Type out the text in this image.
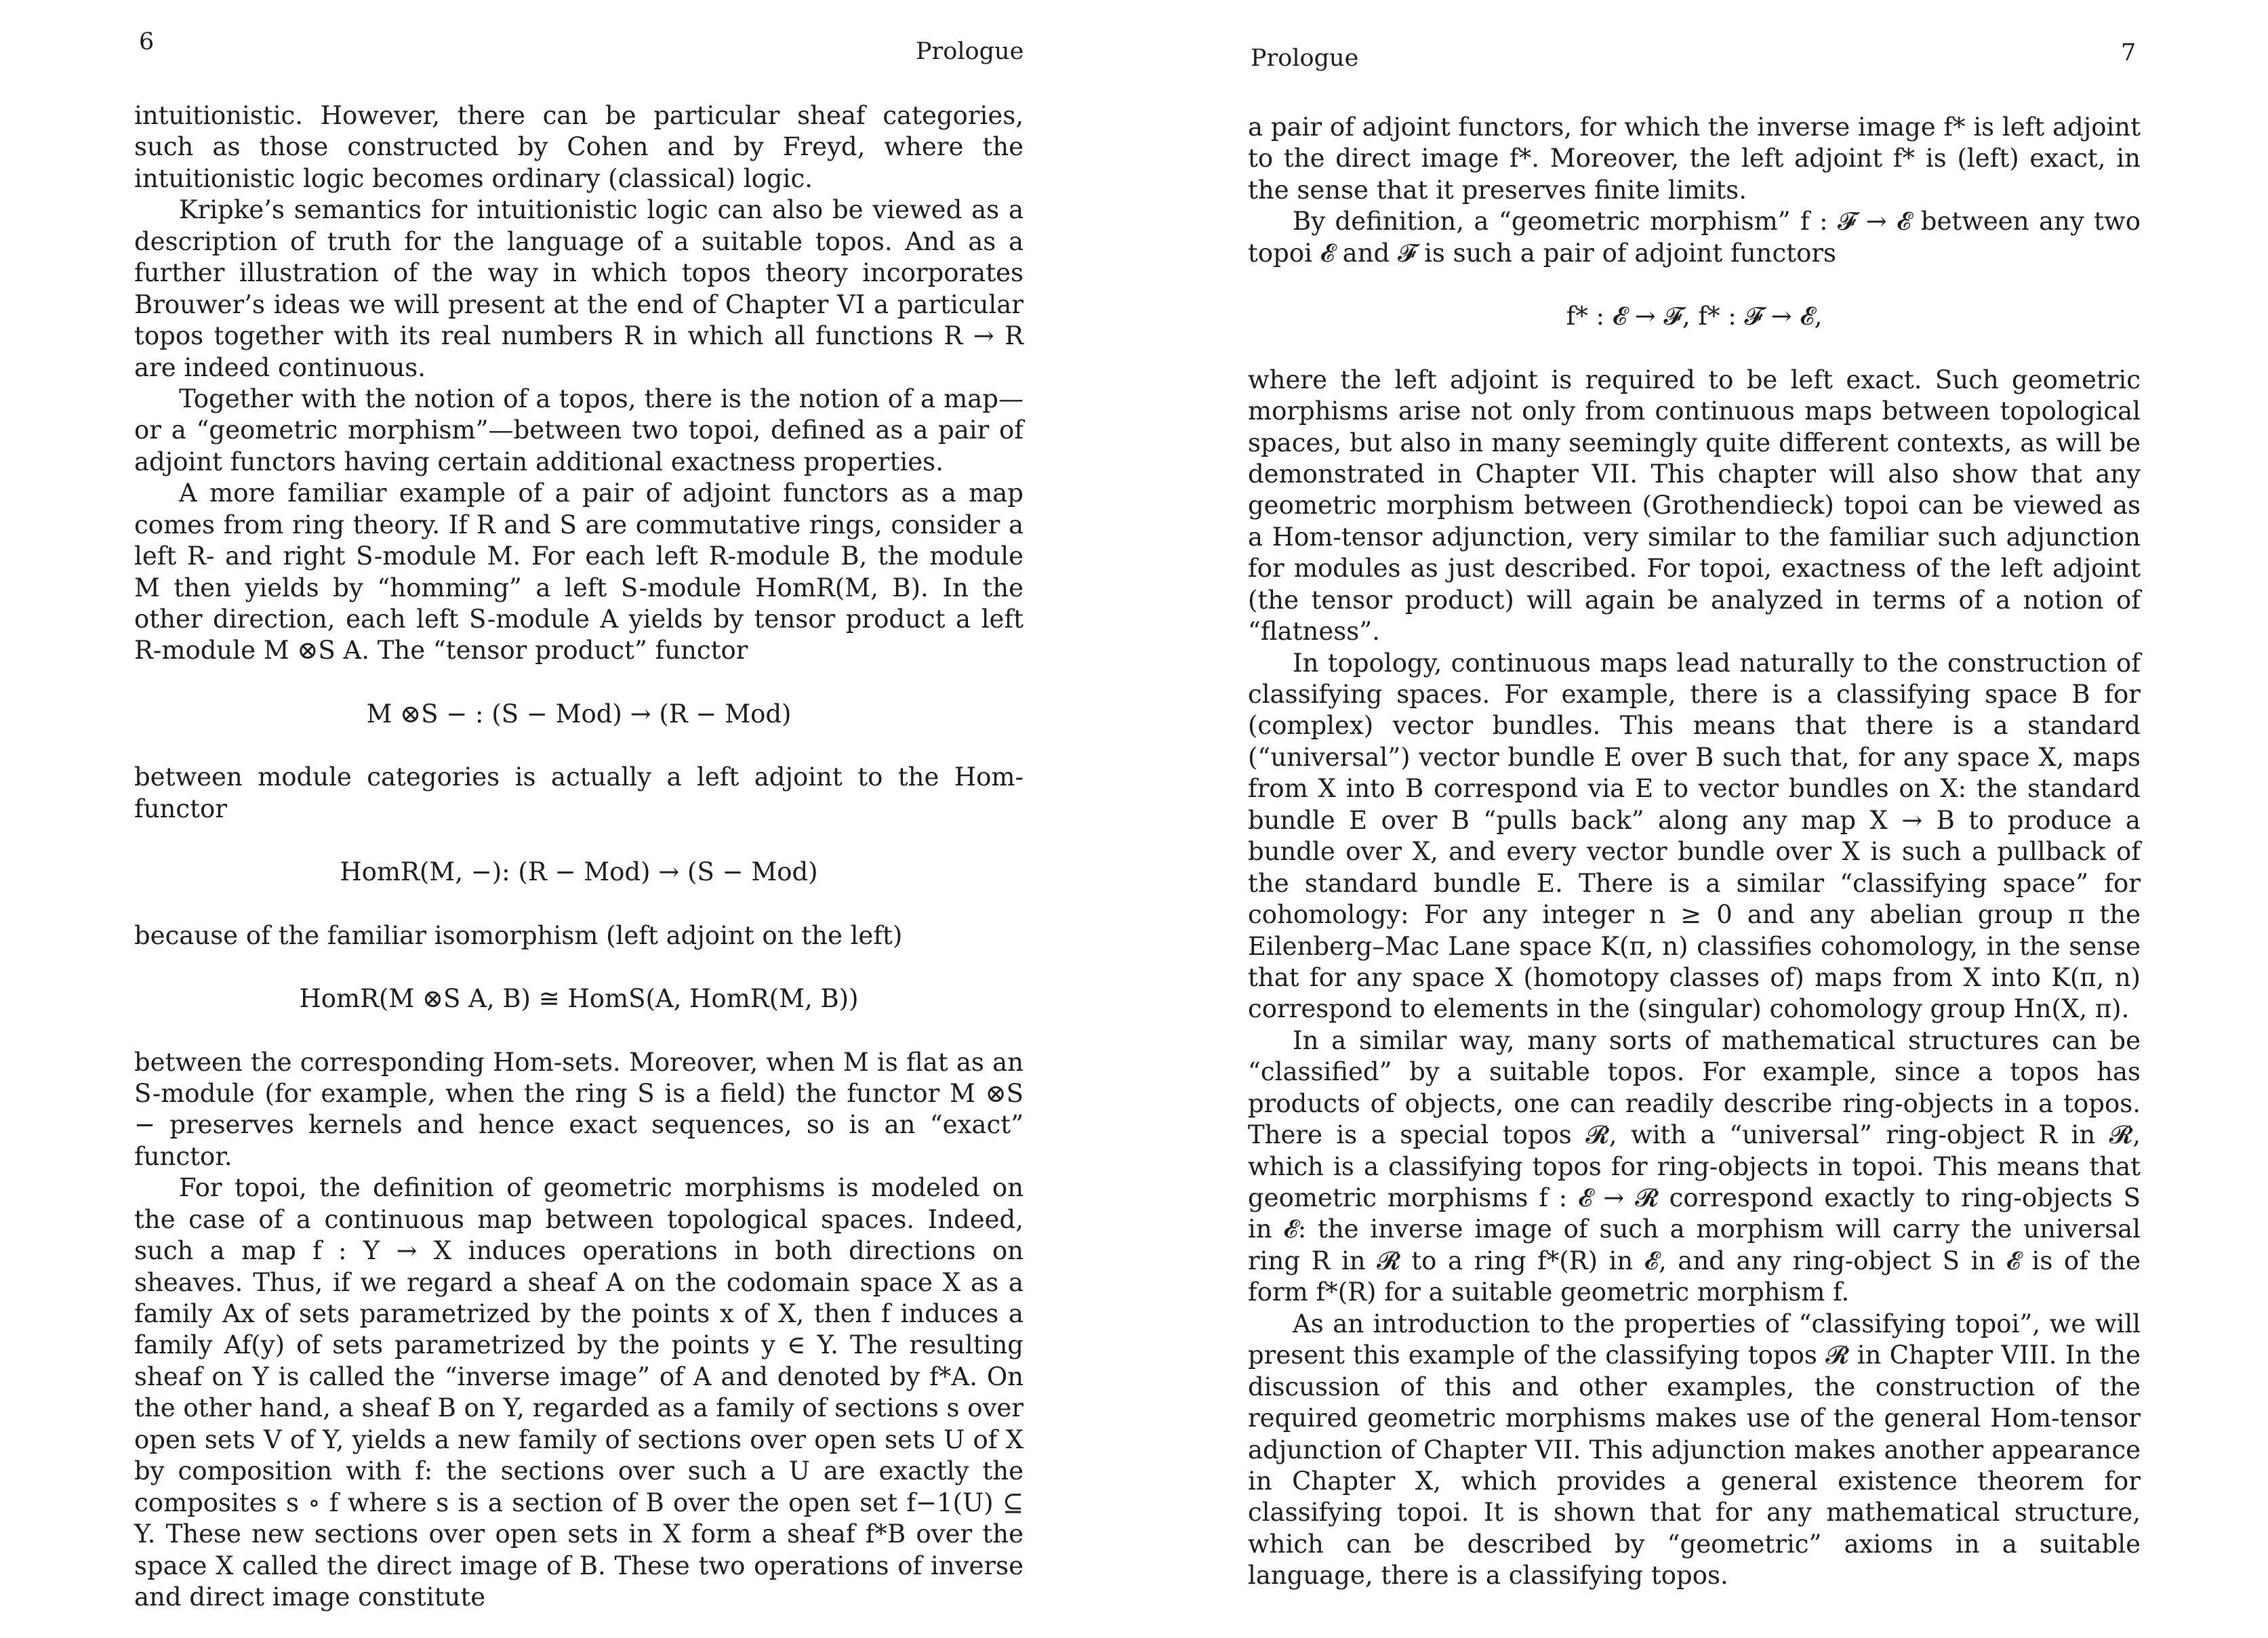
6	Prologue

intuitionistic. However, there can be particular sheaf categories, such as those constructed by Cohen and by Freyd, where the intuitionistic logic becomes ordinary (classical) logic.

Kripke’s semantics for intuitionistic logic can also be viewed as a description of truth for the language of a suitable topos. And as a further illustration of the way in which topos theory incorporates Brouwer’s ideas we will present at the end of Chapter VI a particular topos together with its real numbers R in which all functions R → R are indeed continuous.

Together with the notion of a topos, there is the notion of a map—or a “geometric morphism”—between two topoi, defined as a pair of adjoint functors having certain additional exactness properties.

A more familiar example of a pair of adjoint functors as a map comes from ring theory. If R and S are commutative rings, consider a left R- and right S-module M. For each left R-module B, the module M then yields by “homming” a left S-module HomR(M, B). In the other direction, each left S-module A yields by tensor product a left R-module M ⊗S A. The “tensor product” functor

M ⊗S − : (S − Mod) → (R − Mod)

between module categories is actually a left adjoint to the Hom-functor

HomR(M, −): (R − Mod) → (S − Mod)

because of the familiar isomorphism (left adjoint on the left)

HomR(M ⊗S A, B) ≅ HomS(A, HomR(M, B))

between the corresponding Hom-sets. Moreover, when M is flat as an S-module (for example, when the ring S is a field) the functor M ⊗S − preserves kernels and hence exact sequences, so is an “exact” functor.

For topoi, the definition of geometric morphisms is modeled on the case of a continuous map between topological spaces. Indeed, such a map f : Y → X induces operations in both directions on sheaves. Thus, if we regard a sheaf A on the codomain space X as a family Ax of sets parametrized by the points x of X, then f induces a family Af(y) of sets parametrized by the points y ∈ Y. The resulting sheaf on Y is called the “inverse image” of A and denoted by f*A. On the other hand, a sheaf B on Y, regarded as a family of sections s over open sets V of Y, yields a new family of sections over open sets U of X by composition with f: the sections over such a U are exactly the composites s ∘ f where s is a section of B over the open set f−1(U) ⊆ Y. These new sections over open sets in X form a sheaf f*B over the space X called the direct image of B. These two operations of inverse and direct image constitute

Prologue	7

a pair of adjoint functors, for which the inverse image f* is left adjoint to the direct image f*. Moreover, the left adjoint f* is (left) exact, in the sense that it preserves finite limits.

By definition, a “geometric morphism” f : 𝓕 → 𝓔 between any two topoi 𝓔 and 𝓕 is such a pair of adjoint functors

f* : 𝓔 → 𝓕, f* : 𝓕 → 𝓔,

where the left adjoint is required to be left exact. Such geometric morphisms arise not only from continuous maps between topological spaces, but also in many seemingly quite different contexts, as will be demonstrated in Chapter VII. This chapter will also show that any geometric morphism between (Grothendieck) topoi can be viewed as a Hom-tensor adjunction, very similar to the familiar such adjunction for modules as just described. For topoi, exactness of the left adjoint (the tensor product) will again be analyzed in terms of a notion of “flatness”.

In topology, continuous maps lead naturally to the construction of classifying spaces. For example, there is a classifying space B for (complex) vector bundles. This means that there is a standard (“universal”) vector bundle E over B such that, for any space X, maps from X into B correspond via E to vector bundles on X: the standard bundle E over B “pulls back” along any map X → B to produce a bundle over X, and every vector bundle over X is such a pullback of the standard bundle E. There is a similar “classifying space” for cohomology: For any integer n ≥ 0 and any abelian group π the Eilenberg–Mac Lane space K(π, n) classifies cohomology, in the sense that for any space X (homotopy classes of) maps from X into K(π, n) correspond to elements in the (singular) cohomology group Hn(X, π).

In a similar way, many sorts of mathematical structures can be “classified” by a suitable topos. For example, since a topos has products of objects, one can readily describe ring-objects in a topos. There is a special topos 𝓡, with a “universal” ring-object R in 𝓡, which is a classifying topos for ring-objects in topoi. This means that geometric morphisms f : 𝓔 → 𝓡 correspond exactly to ring-objects S in 𝓔: the inverse image of such a morphism will carry the universal ring R in 𝓡 to a ring f*(R) in 𝓔, and any ring-object S in 𝓔 is of the form f*(R) for a suitable geometric morphism f.

As an introduction to the properties of “classifying topoi”, we will present this example of the classifying topos 𝓡 in Chapter VIII. In the discussion of this and other examples, the construction of the required geometric morphisms makes use of the general Hom-tensor adjunction of Chapter VII. This adjunction makes another appearance in Chapter X, which provides a general existence theorem for classifying topoi. It is shown that for any mathematical structure, which can be described by “geometric” axioms in a suitable language, there is a classifying topos.
